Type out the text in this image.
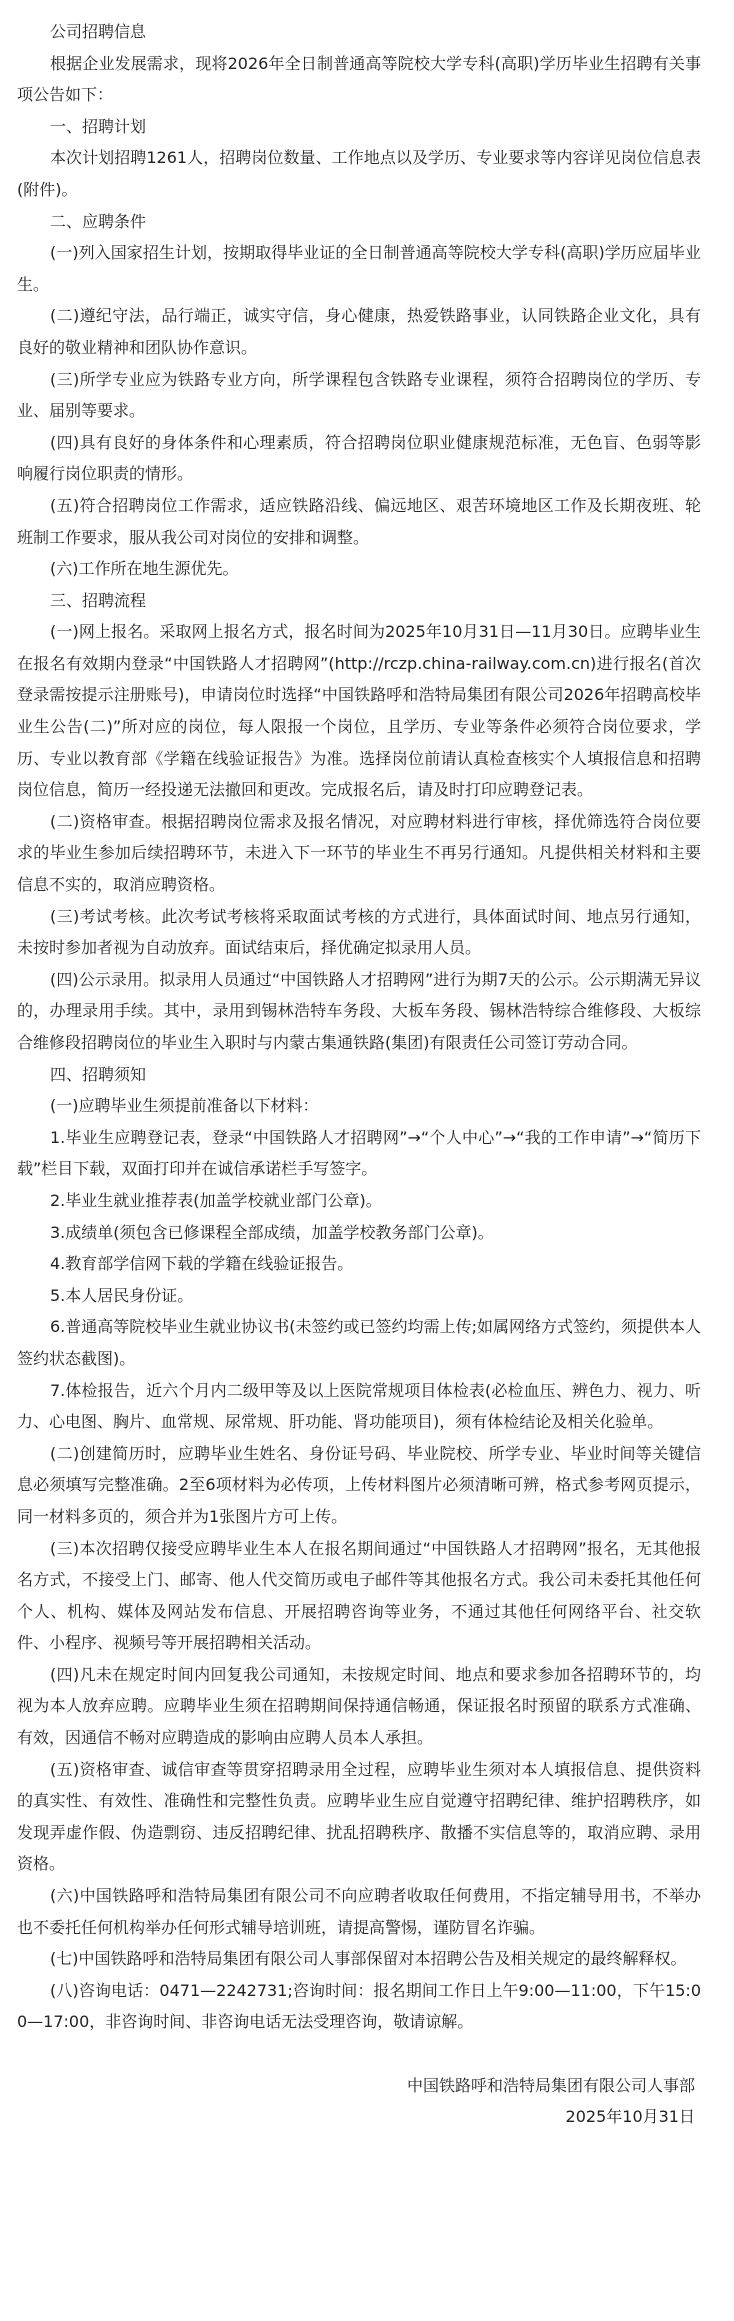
公司招聘信息

根据企业发展需求，现将2026年全日制普通高等院校大学专科(高职)学历毕业生招聘有关事项公告如下：

一、招聘计划

本次计划招聘1261人，招聘岗位数量、工作地点以及学历、专业要求等内容详见岗位信息表(附件)。

二、应聘条件

(一)列入国家招生计划，按期取得毕业证的全日制普通高等院校大学专科(高职)学历应届毕业生。

(二)遵纪守法，品行端正，诚实守信，身心健康，热爱铁路事业，认同铁路企业文化，具有良好的敬业精神和团队协作意识。

(三)所学专业应为铁路专业方向，所学课程包含铁路专业课程，须符合招聘岗位的学历、专业、届别等要求。

(四)具有良好的身体条件和心理素质，符合招聘岗位职业健康规范标准，无色盲、色弱等影响履行岗位职责的情形。

(五)符合招聘岗位工作需求，适应铁路沿线、偏远地区、艰苦环境地区工作及长期夜班、轮班制工作要求，服从我公司对岗位的安排和调整。

(六)工作所在地生源优先。

三、招聘流程

(一)网上报名。采取网上报名方式，报名时间为2025年10月31日—11月30日。应聘毕业生在报名有效期内登录“中国铁路人才招聘网”(http://rczp.china-railway.com.cn)进行报名(首次登录需按提示注册账号)，申请岗位时选择“中国铁路呼和浩特局集团有限公司2026年招聘高校毕业生公告(二)”所对应的岗位，每人限报一个岗位，且学历、专业等条件必须符合岗位要求，学历、专业以教育部《学籍在线验证报告》为准。选择岗位前请认真检查核实个人填报信息和招聘岗位信息，简历一经投递无法撤回和更改。完成报名后，请及时打印应聘登记表。

(二)资格审查。根据招聘岗位需求及报名情况，对应聘材料进行审核，择优筛选符合岗位要求的毕业生参加后续招聘环节，未进入下一环节的毕业生不再另行通知。凡提供相关材料和主要信息不实的，取消应聘资格。

(三)考试考核。此次考试考核将采取面试考核的方式进行，具体面试时间、地点另行通知，未按时参加者视为自动放弃。面试结束后，择优确定拟录用人员。

(四)公示录用。拟录用人员通过“中国铁路人才招聘网”进行为期7天的公示。公示期满无异议的，办理录用手续。其中，录用到锡林浩特车务段、大板车务段、锡林浩特综合维修段、大板综合维修段招聘岗位的毕业生入职时与内蒙古集通铁路(集团)有限责任公司签订劳动合同。

四、招聘须知

(一)应聘毕业生须提前准备以下材料：

1.毕业生应聘登记表，登录“中国铁路人才招聘网”→“个人中心”→“我的工作申请”→“简历下载”栏目下载，双面打印并在诚信承诺栏手写签字。

2.毕业生就业推荐表(加盖学校就业部门公章)。

3.成绩单(须包含已修课程全部成绩，加盖学校教务部门公章)。

4.教育部学信网下载的学籍在线验证报告。

5.本人居民身份证。

6.普通高等院校毕业生就业协议书(未签约或已签约均需上传;如属网络方式签约，须提供本人签约状态截图)。

7.体检报告，近六个月内二级甲等及以上医院常规项目体检表(必检血压、辨色力、视力、听力、心电图、胸片、血常规、尿常规、肝功能、肾功能项目)，须有体检结论及相关化验单。

(二)创建简历时，应聘毕业生姓名、身份证号码、毕业院校、所学专业、毕业时间等关键信息必须填写完整准确。2至6项材料为必传项，上传材料图片必须清晰可辨，格式参考网页提示，同一材料多页的，须合并为1张图片方可上传。

(三)本次招聘仅接受应聘毕业生本人在报名期间通过“中国铁路人才招聘网”报名，无其他报名方式，不接受上门、邮寄、他人代交简历或电子邮件等其他报名方式。我公司未委托其他任何个人、机构、媒体及网站发布信息、开展招聘咨询等业务，不通过其他任何网络平台、社交软件、小程序、视频号等开展招聘相关活动。

(四)凡未在规定时间内回复我公司通知，未按规定时间、地点和要求参加各招聘环节的，均视为本人放弃应聘。应聘毕业生须在招聘期间保持通信畅通，保证报名时预留的联系方式准确、有效，因通信不畅对应聘造成的影响由应聘人员本人承担。

(五)资格审查、诚信审查等贯穿招聘录用全过程，应聘毕业生须对本人填报信息、提供资料的真实性、有效性、准确性和完整性负责。应聘毕业生应自觉遵守招聘纪律、维护招聘秩序，如发现弄虚作假、伪造剽窃、违反招聘纪律、扰乱招聘秩序、散播不实信息等的，取消应聘、录用资格。

(六)中国铁路呼和浩特局集团有限公司不向应聘者收取任何费用，不指定辅导用书，不举办也不委托任何机构举办任何形式辅导培训班，请提高警惕，谨防冒名诈骗。

(七)中国铁路呼和浩特局集团有限公司人事部保留对本招聘公告及相关规定的最终解释权。

(八)咨询电话：0471—2242731;咨询时间：报名期间工作日上午9:00—11:00，下午15:00—17:00，非咨询时间、非咨询电话无法受理咨询，敬请谅解。

中国铁路呼和浩特局集团有限公司人事部

2025年10月31日
